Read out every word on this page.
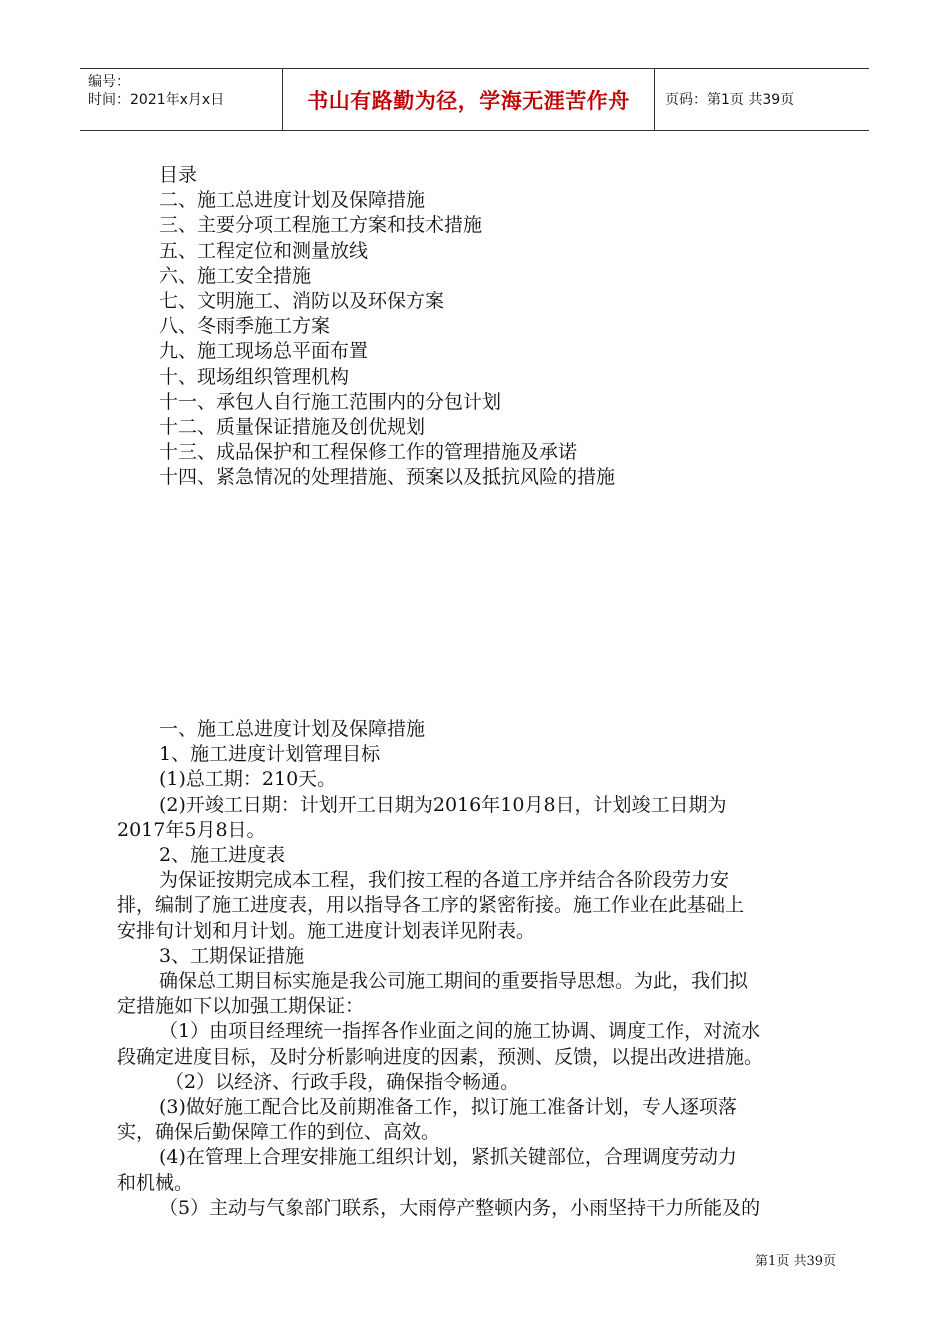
编号：
时间：2021年x月x日	书山有路勤为径，学海无涯苦作舟	页码：第1页 共39页
目录
二、施工总进度计划及保障措施
三、主要分项工程施工方案和技术措施
五、工程定位和测量放线
六、施工安全措施
七、文明施工、消防以及环保方案
八、冬雨季施工方案
九、施工现场总平面布置
十、现场组织管理机构
十一、承包人自行施工范围内的分包计划
十二、质量保证措施及创优规划
十三、成品保护和工程保修工作的管理措施及承诺
十四、紧急情况的处理措施、预案以及抵抗风险的措施
一、施工总进度计划及保障措施
1、施工进度计划管理目标
(1)总工期：210天。
(2)开竣工日期：计划开工日期为2016年10月8日，计划竣工日期为
2017年5月8日。
2、施工进度表
为保证按期完成本工程，我们按工程的各道工序并结合各阶段劳力安
排，编制了施工进度表，用以指导各工序的紧密衔接。施工作业在此基础上
安排旬计划和月计划。施工进度计划表详见附表。
3、工期保证措施
确保总工期目标实施是我公司施工期间的重要指导思想。为此，我们拟
定措施如下以加强工期保证：
（1）由项目经理统一指挥各作业面之间的施工协调、调度工作，对流水
段确定进度目标，及时分析影响进度的因素，预测、反馈，以提出改进措施。
（2）以经济、行政手段，确保指令畅通。
(3)做好施工配合比及前期准备工作，拟订施工准备计划，专人逐项落
实，确保后勤保障工作的到位、高效。
(4)在管理上合理安排施工组织计划，紧抓关键部位，合理调度劳动力
和机械。
（5）主动与气象部门联系，大雨停产整顿内务，小雨坚持干力所能及的
第1页 共39页
